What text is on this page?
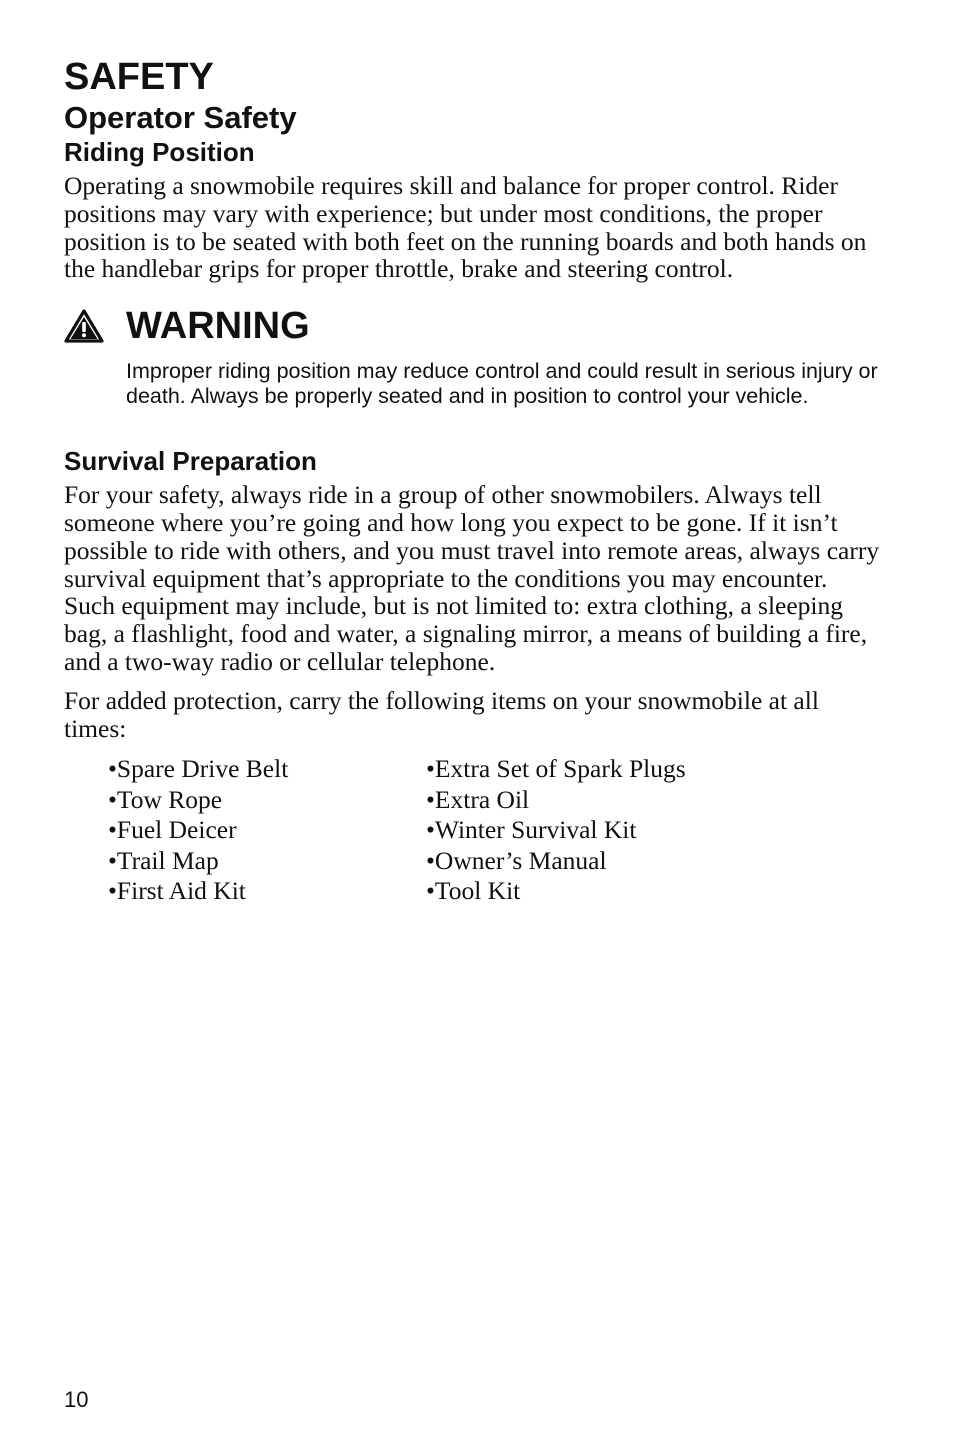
SAFETY
Operator Safety
Riding Position

Operating a snowmobile requires skill and balance for proper control. Rider positions may vary with experience; but under most conditions, the proper position is to be seated with both feet on the running boards and both hands on the handlebar grips for proper throttle, brake and steering control.

WARNING

Improper riding position may reduce control and could result in serious injury or death. Always be properly seated and in position to control your vehicle.

Survival Preparation

For your safety, always ride in a group of other snowmobilers. Always tell someone where you’re going and how long you expect to be gone. If it isn’t possible to ride with others, and you must travel into remote areas, always carry survival equipment that’s appropriate to the conditions you may encounter. Such equipment may include, but is not limited to: extra clothing, a sleeping bag, a flashlight, food and water, a signaling mirror, a means of building a fire, and a two-way radio or cellular telephone.

For added protection, carry the following items on your snowmobile at all times:

•Spare Drive Belt
•Tow Rope
•Fuel Deicer
•Trail Map
•First Aid Kit
•Extra Set of Spark Plugs
•Extra Oil
•Winter Survival Kit
•Owner’s Manual
•Tool Kit
10
